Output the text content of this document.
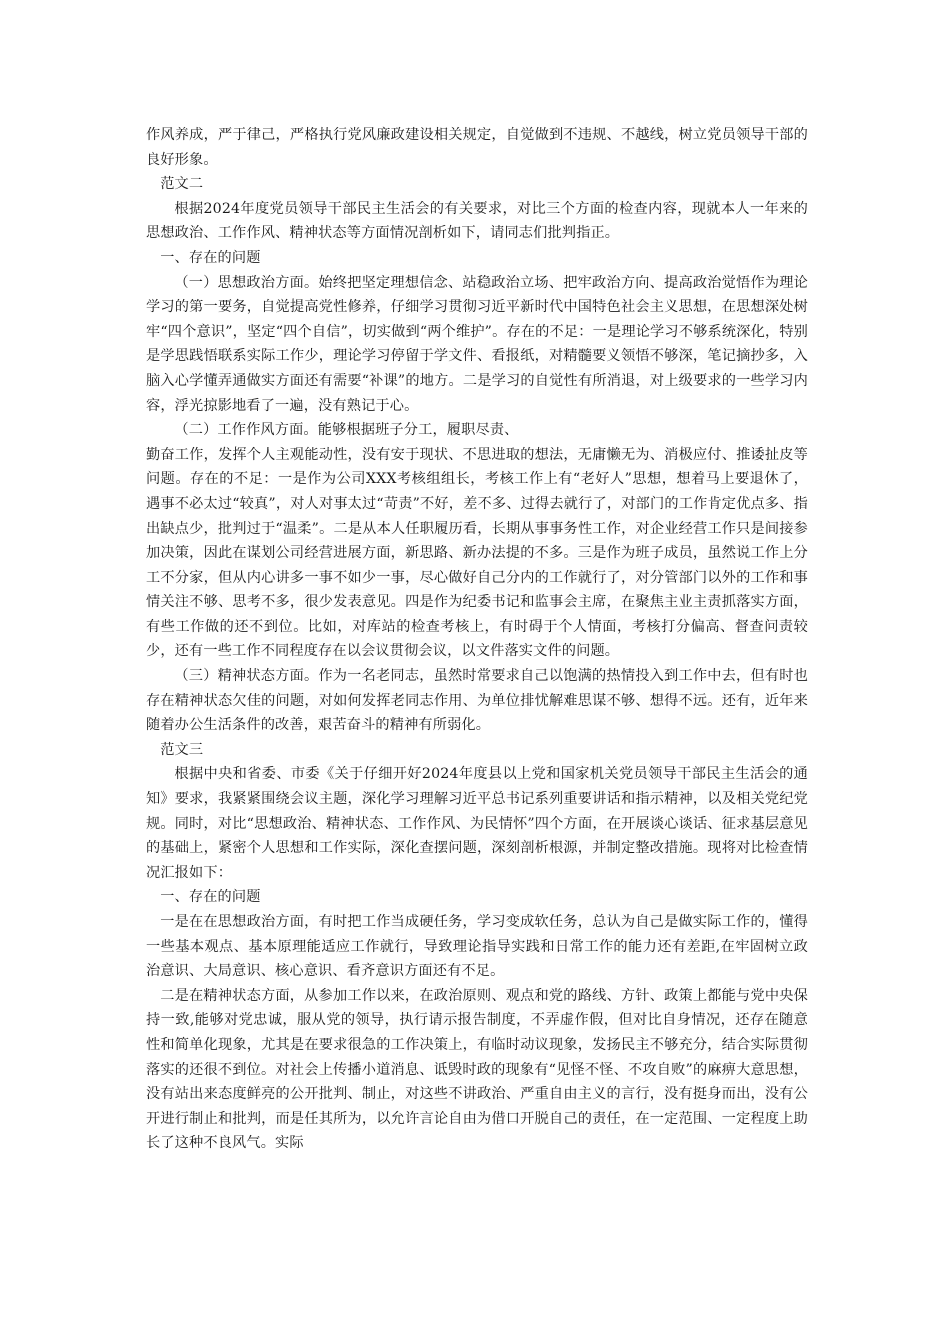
作风养成，严于律己，严格执行党风廉政建设相关规定，自觉做到不违规、不越线，树立党员领导干部的良好形象。

范文二

根据2024年度党员领导干部民主生活会的有关要求，对比三个方面的检查内容，现就本人一年来的思想政治、工作作风、精神状态等方面情况剖析如下，请同志们批判指正。

一、存在的问题

（一）思想政治方面。始终把坚定理想信念、站稳政治立场、把牢政治方向、提高政治觉悟作为理论学习的第一要务，自觉提高党性修养，仔细学习贯彻习近平新时代中国特色社会主义思想，在思想深处树牢“四个意识”，坚定“四个自信”，切实做到“两个维护”。存在的不足：一是理论学习不够系统深化，特别是学思践悟联系实际工作少，理论学习停留于学文件、看报纸，对精髓要义领悟不够深，笔记摘抄多，入脑入心学懂弄通做实方面还有需要“补课”的地方。二是学习的自觉性有所消退，对上级要求的一些学习内容，浮光掠影地看了一遍，没有熟记于心。

（二）工作作风方面。能够根据班子分工，履职尽责、

勤奋工作，发挥个人主观能动性，没有安于现状、不思进取的想法，无庸懒无为、消极应付、推诿扯皮等问题。存在的不足：一是作为公司XXX考核组组长，考核工作上有“老好人”思想，想着马上要退休了，遇事不必太过“较真”，对人对事太过“苛责”不好，差不多、过得去就行了，对部门的工作肯定优点多、指出缺点少，批判过于“温柔”。二是从本人任职履历看，长期从事事务性工作，对企业经营工作只是间接参加决策，因此在谋划公司经营进展方面，新思路、新办法提的不多。三是作为班子成员，虽然说工作上分工不分家，但从内心讲多一事不如少一事，尽心做好自己分内的工作就行了，对分管部门以外的工作和事情关注不够、思考不多，很少发表意见。四是作为纪委书记和监事会主席，在聚焦主业主责抓落实方面，有些工作做的还不到位。比如，对库站的检查考核上，有时碍于个人情面，考核打分偏高、督查问责较少，还有一些工作不同程度存在以会议贯彻会议，以文件落实文件的问题。

（三）精神状态方面。作为一名老同志，虽然时常要求自己以饱满的热情投入到工作中去，但有时也存在精神状态欠佳的问题，对如何发挥老同志作用、为单位排忧解难思谋不够、想得不远。还有，近年来随着办公生活条件的改善，艰苦奋斗的精神有所弱化。

范文三

根据中央和省委、市委《关于仔细开好2024年度县以上党和国家机关党员领导干部民主生活会的通知》要求，我紧紧围绕会议主题，深化学习理解习近平总书记系列重要讲话和指示精神，以及相关党纪党规。同时，对比“思想政治、精神状态、工作作风、为民情怀”四个方面，在开展谈心谈话、征求基层意见的基础上，紧密个人思想和工作实际，深化查摆问题，深刻剖析根源，并制定整改措施。现将对比检查情况汇报如下：

一、存在的问题

一是在在思想政治方面，有时把工作当成硬任务，学习变成软任务，总认为自己是做实际工作的，懂得一些基本观点、基本原理能适应工作就行，导致理论指导实践和日常工作的能力还有差距,在牢固树立政治意识、大局意识、核心意识、看齐意识方面还有不足。

二是在精神状态方面，从参加工作以来，在政治原则、观点和党的路线、方针、政策上都能与党中央保持一致,能够对党忠诚，服从党的领导，执行请示报告制度，不弄虚作假，但对比自身情况，还存在随意性和简单化现象，尤其是在要求很急的工作决策上，有临时动议现象，发扬民主不够充分，结合实际贯彻落实的还很不到位。对社会上传播小道消息、诋毁时政的现象有“见怪不怪、不攻自败”的麻痹大意思想，没有站出来态度鲜亮的公开批判、制止，对这些不讲政治、严重自由主义的言行，没有挺身而出，没有公开进行制止和批判，而是任其所为，以允许言论自由为借口开脱自己的责任，在一定范围、一定程度上助长了这种不良风气。实际
